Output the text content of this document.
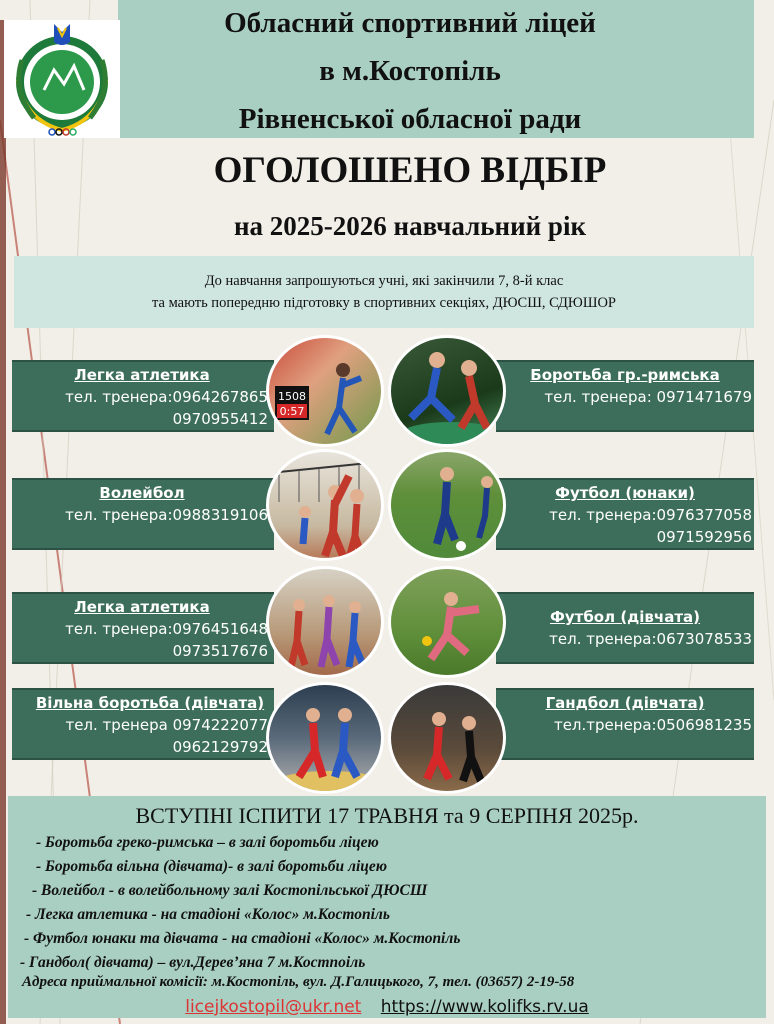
Обласний спортивний ліцей
в м.Костопіль
Рівненської обласної ради
ОГОЛОШЕНО ВІДБІР
на 2025-2026 навчальний рік
До навчання запрошуються учні, які закінчили 7, 8-й клас
та мають попередню підготовку в спортивних секціях, ДЮСШ, СДЮШОР
1508
0:57
Легка атлетика
тел. тренера:0964267865
0970955412
Боротьба гр.-римська
тел. тренера: 0971471679
Волейбол
тел. тренера:0988319106
Футбол (юнаки)
тел. тренера:0976377058
0971592956
Легка атлетика
тел. тренера:0976451648
0973517676
Футбол (дівчата)
тел. тренера:0673078533
Вільна боротьба (дівчата)
тел. тренера 0974222077
0962129792
Гандбол (дівчата)
тел.тренера:0506981235
ВСТУПНІ ІСПИТИ 17 ТРАВНЯ та 9 СЕРПНЯ 2025р.
- Боротьба греко-римська – в залі боротьби ліцею
- Боротьба вільна (дівчата)- в залі боротьби ліцею
- Волейбол - в волейбольному залі Костопільської ДЮСШ
- Легка атлетика - на стадіоні «Колос» м.Костопіль
- Футбол юнаки та дівчата - на стадіоні «Колос» м.Костопіль
- Гандбол( дівчата) – вул.Дерев’яна 7 м.Костпоіль
Адреса приймальної комісії: м.Костопіль, вул. Д.Галицького, 7, тел. (03657) 2-19-58
licejkostopil@ukr.net https://www.kolifks.rv.ua
